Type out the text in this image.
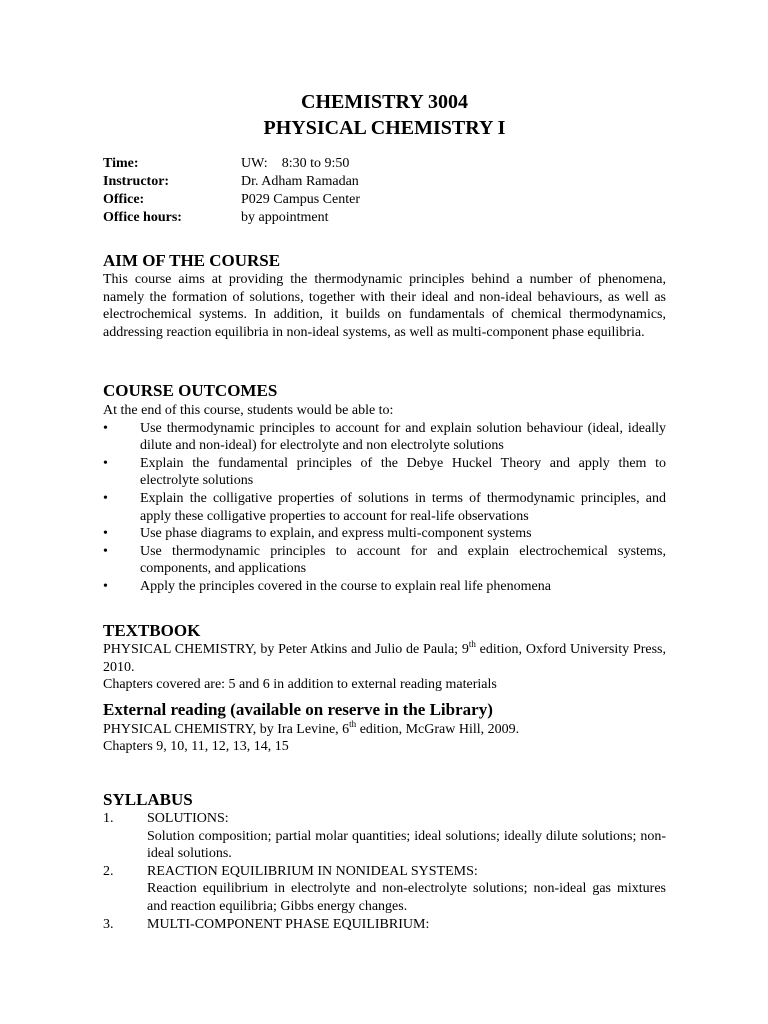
CHEMISTRY 3004
PHYSICAL CHEMISTRY I
Time:	UW:    8:30 to 9:50
Instructor:	Dr. Adham Ramadan
Office:	P029 Campus Center
Office hours:	by appointment
AIM OF THE COURSE

This course aims at providing the thermodynamic principles behind a number of phenomena, namely the formation of solutions, together with their ideal and non-ideal behaviours, as well as electrochemical systems. In addition, it builds on fundamentals of chemical thermodynamics, addressing reaction equilibria in non-ideal systems, as well as multi-component phase equilibria.

COURSE OUTCOMES

At the end of this course, students would be able to:

• Use thermodynamic principles to account for and explain solution behaviour (ideal, ideally dilute and non-ideal) for electrolyte and non electrolyte solutions
• Explain the fundamental principles of the Debye Huckel Theory and apply them to electrolyte solutions
• Explain the colligative properties of solutions in terms of thermodynamic principles, and apply these colligative properties to account for real-life observations
• Use phase diagrams to explain, and express multi-component systems
• Use thermodynamic principles to account for and explain electrochemical systems, components, and applications
• Apply the principles covered in the course to explain real life phenomena
TEXTBOOK

PHYSICAL CHEMISTRY, by Peter Atkins and Julio de Paula; 9th edition, Oxford University Press, 2010.

Chapters covered are: 5 and 6 in addition to external reading materials

External reading (available on reserve in the Library)

PHYSICAL CHEMISTRY, by Ira Levine, 6th edition, McGraw Hill, 2009.

Chapters 9, 10, 11, 12, 13, 14, 15

SYLLABUS
1.	SOLUTIONS:
Solution composition; partial molar quantities; ideal solutions; ideally dilute solutions; non-ideal solutions.
2.	REACTION EQUILIBRIUM IN NONIDEAL SYSTEMS:
Reaction equilibrium in electrolyte and non-electrolyte solutions; non-ideal gas mixtures and reaction equilibria; Gibbs energy changes.
3.	MULTI-COMPONENT PHASE EQUILIBRIUM:
